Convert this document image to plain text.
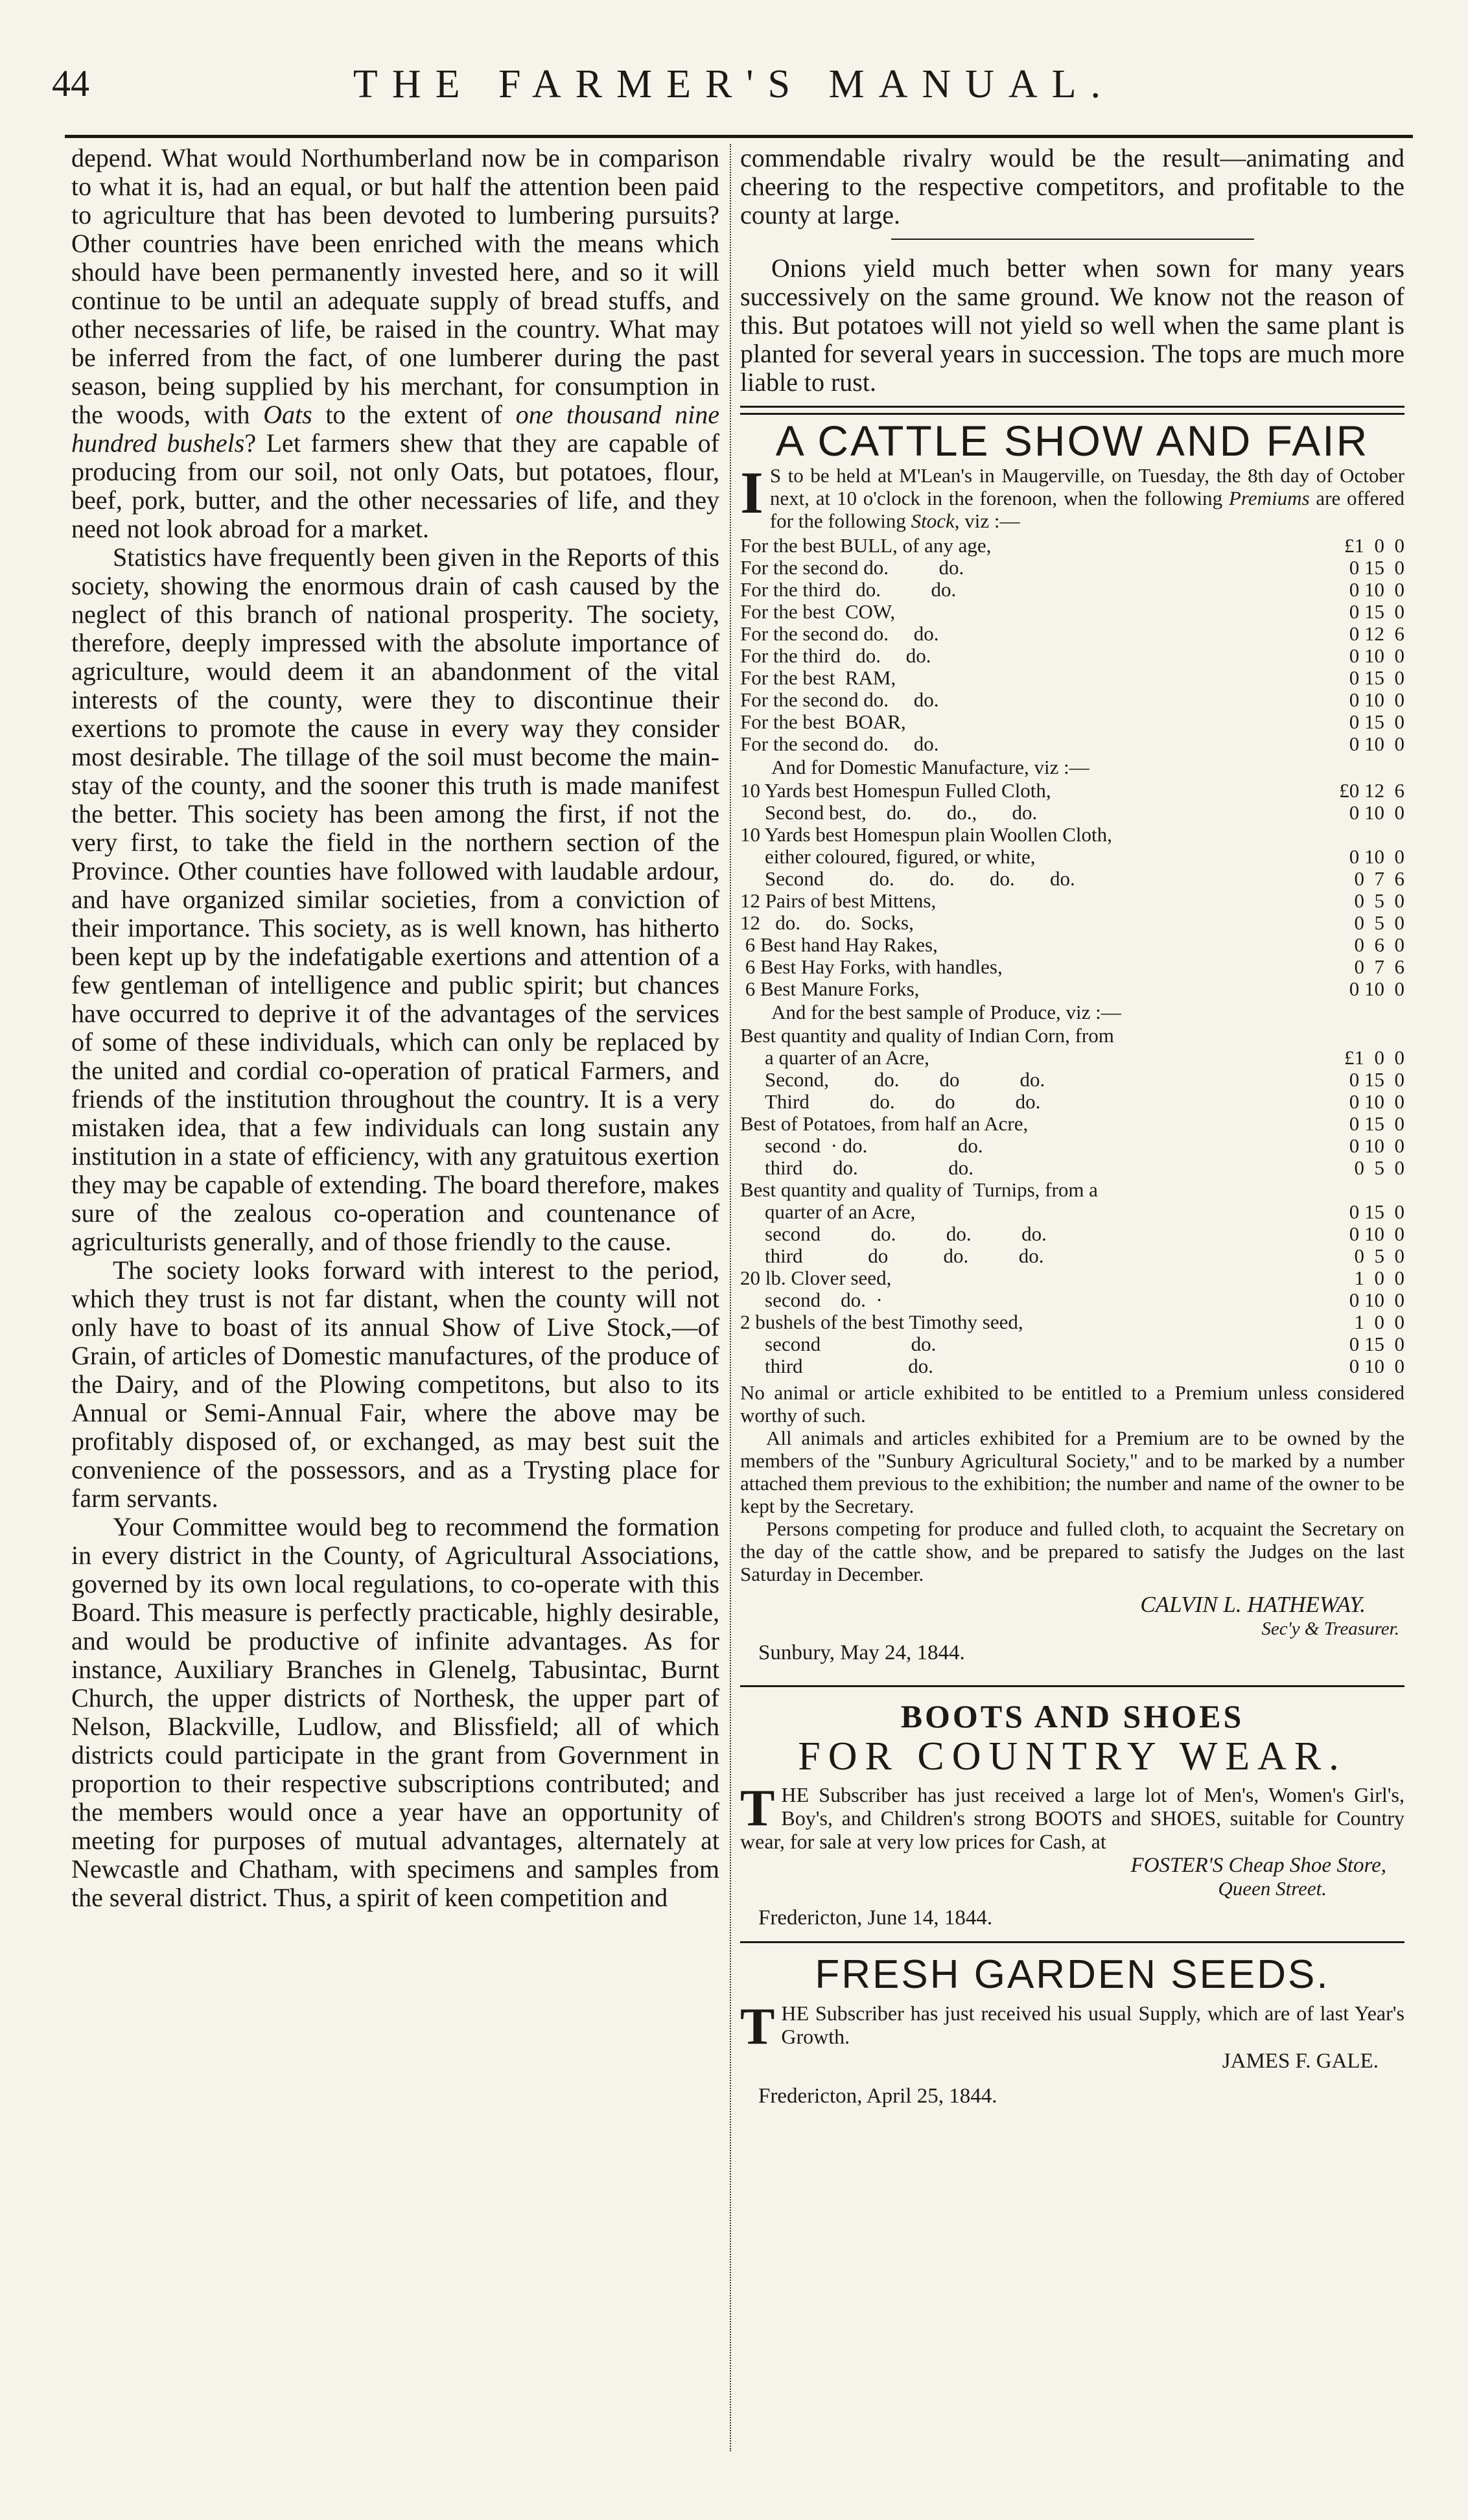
44	THE FARMER'S MANUAL.

depend. What would Northumberland now be in comparison to what it is, had an equal, or but half the attention been paid to agriculture that has been devoted to lumbering pursuits? Other countries have been enriched with the means which should have been permanently invested here, and so it will continue to be until an adequate supply of bread stuffs, and other necessaries of life, be raised in the country. What may be inferred from the fact, of one lumberer during the past season, being supplied by his merchant, for consumption in the woods, with Oats to the extent of one thousand nine hundred bushels? Let farmers shew that they are capable of producing from our soil, not only Oats, but potatoes, flour, beef, pork, butter, and the other necessaries of life, and they need not look abroad for a market.

Statistics have frequently been given in the Reports of this society, showing the enormous drain of cash caused by the neglect of this branch of national prosperity. The society, therefore, deeply impressed with the absolute importance of agriculture, would deem it an abandonment of the vital interests of the county, were they to discontinue their exertions to promote the cause in every way they consider most desirable. The tillage of the soil must become the main-stay of the county, and the sooner this truth is made manifest the better. This society has been among the first, if not the very first, to take the field in the northern section of the Province. Other counties have followed with laudable ardour, and have organized similar societies, from a conviction of their importance. This society, as is well known, has hitherto been kept up by the indefatigable exertions and attention of a few gentleman of intelligence and public spirit; but chances have occurred to deprive it of the advantages of the services of some of these individuals, which can only be replaced by the united and cordial co-operation of pratical Farmers, and friends of the institution throughout the country. It is a very mistaken idea, that a few individuals can long sustain any institution in a state of efficiency, with any gratuitous exertion they may be capable of extending. The board therefore, makes sure of the zealous co-operation and countenance of agriculturists generally, and of those friendly to the cause.

The society looks forward with interest to the period, which they trust is not far distant, when the county will not only have to boast of its annual Show of Live Stock,—of Grain, of articles of Domestic manufactures, of the produce of the Dairy, and of the Plowing competitons, but also to its Annual or Semi-Annual Fair, where the above may be profitably disposed of, or exchanged, as may best suit the convenience of the possessors, and as a Trysting place for farm servants.

Your Committee would beg to recommend the formation in every district in the County, of Agricultural Associations, governed by its own local regulations, to co-operate with this Board. This measure is perfectly practicable, highly desirable, and would be productive of infinite advantages. As for instance, Auxiliary Branches in Glenelg, Tabusintac, Burnt Church, the upper districts of Northesk, the upper part of Nelson, Blackville, Ludlow, and Blissfield; all of which districts could participate in the grant from Government in proportion to their respective subscriptions contributed; and the members would once a year have an opportunity of meeting for purposes of mutual advantages, alternately at Newcastle and Chatham, with specimens and samples from the several district. Thus, a spirit of keen competition and

commendable rivalry would be the result—animating and cheering to the respective competitors, and profitable to the county at large.

Onions yield much better when sown for many years successively on the same ground. We know not the reason of this. But potatoes will not yield so well when the same plant is planted for several years in succession. The tops are much more liable to rust.

A CATTLE SHOW AND FAIR
I S to be held at M'Lean's in Maugerville, on Tuesday, the 8th day of October next, at 10 o'clock in the forenoon, when the following Premiums are offered for the following Stock, viz :—
For the best BULL, of any age,	£1  0  0
For the second do.          do.	0 15  0
For the third   do.          do.	0 10  0
For the best  COW,	0 15  0
For the second do.     do.	0 12  6
For the third   do.     do.	0 10  0
For the best  RAM,	0 15  0
For the second do.     do.	0 10  0
For the best  BOAR,	0 15  0
For the second do.     do.	0 10  0
And for Domestic Manufacture, viz :—
10 Yards best Homespun Fulled Cloth,	£0 12  6
Second best,    do.       do.,       do.	0 10  0
10 Yards best Homespun plain Woollen Cloth,	
either coloured, figured, or white,	0 10  0
Second         do.       do.       do.       do.	0  7  6
12 Pairs of best Mittens,	0  5  0
12   do.     do.  Socks,	0  5  0
6 Best hand Hay Rakes,	0  6  0
6 Best Hay Forks, with handles,	0  7  6
6 Best Manure Forks,	0 10  0
And for the best sample of Produce, viz :—
Best quantity and quality of Indian Corn, from	
a quarter of an Acre,	£1  0  0
Second,         do.        do            do.	0 15  0
Third            do.        do            do.	0 10  0
Best of Potatoes, from half an Acre,	0 15  0
second  · do.                  do.	0 10  0
third      do.                  do.	0  5  0
Best quantity and quality of  Turnips, from a	
quarter of an Acre,	0 15  0
second          do.          do.          do.	0 10  0
third             do           do.          do.	0  5  0
20 lb. Clover seed,	1  0  0
second    do.  ·	0 10  0
2 bushels of the best Timothy seed,	1  0  0
second                  do.	0 15  0
third                     do.	0 10  0

No animal or article exhibited to be entitled to a Premium unless considered worthy of such.

All animals and articles exhibited for a Premium are to be owned by the members of the "Sunbury Agricultural Society," and to be marked by a number attached them previous to the exhibition; the number and name of the owner to be kept by the Secretary.

Persons competing for produce and fulled cloth, to acquaint the Secretary on the day of the cattle show, and be prepared to satisfy the Judges on the last Saturday in December.

CALVIN L. HATHEWAY.
Sec'y & Treasurer.
Sunbury, May 24, 1844.
BOOTS AND SHOES
FOR COUNTRY WEAR.
THE Subscriber has just received a large lot of Men's, Women's Girl's, Boy's, and Children's strong BOOTS and SHOES, suitable for Country wear, for sale at very low prices for Cash, at
FOSTER'S Cheap Shoe Store,
Queen Street.
Fredericton, June 14, 1844.
FRESH GARDEN SEEDS.
THE Subscriber has just received his usual Supply, which are of last Year's Growth.
JAMES F. GALE.
Fredericton, April 25, 1844.
